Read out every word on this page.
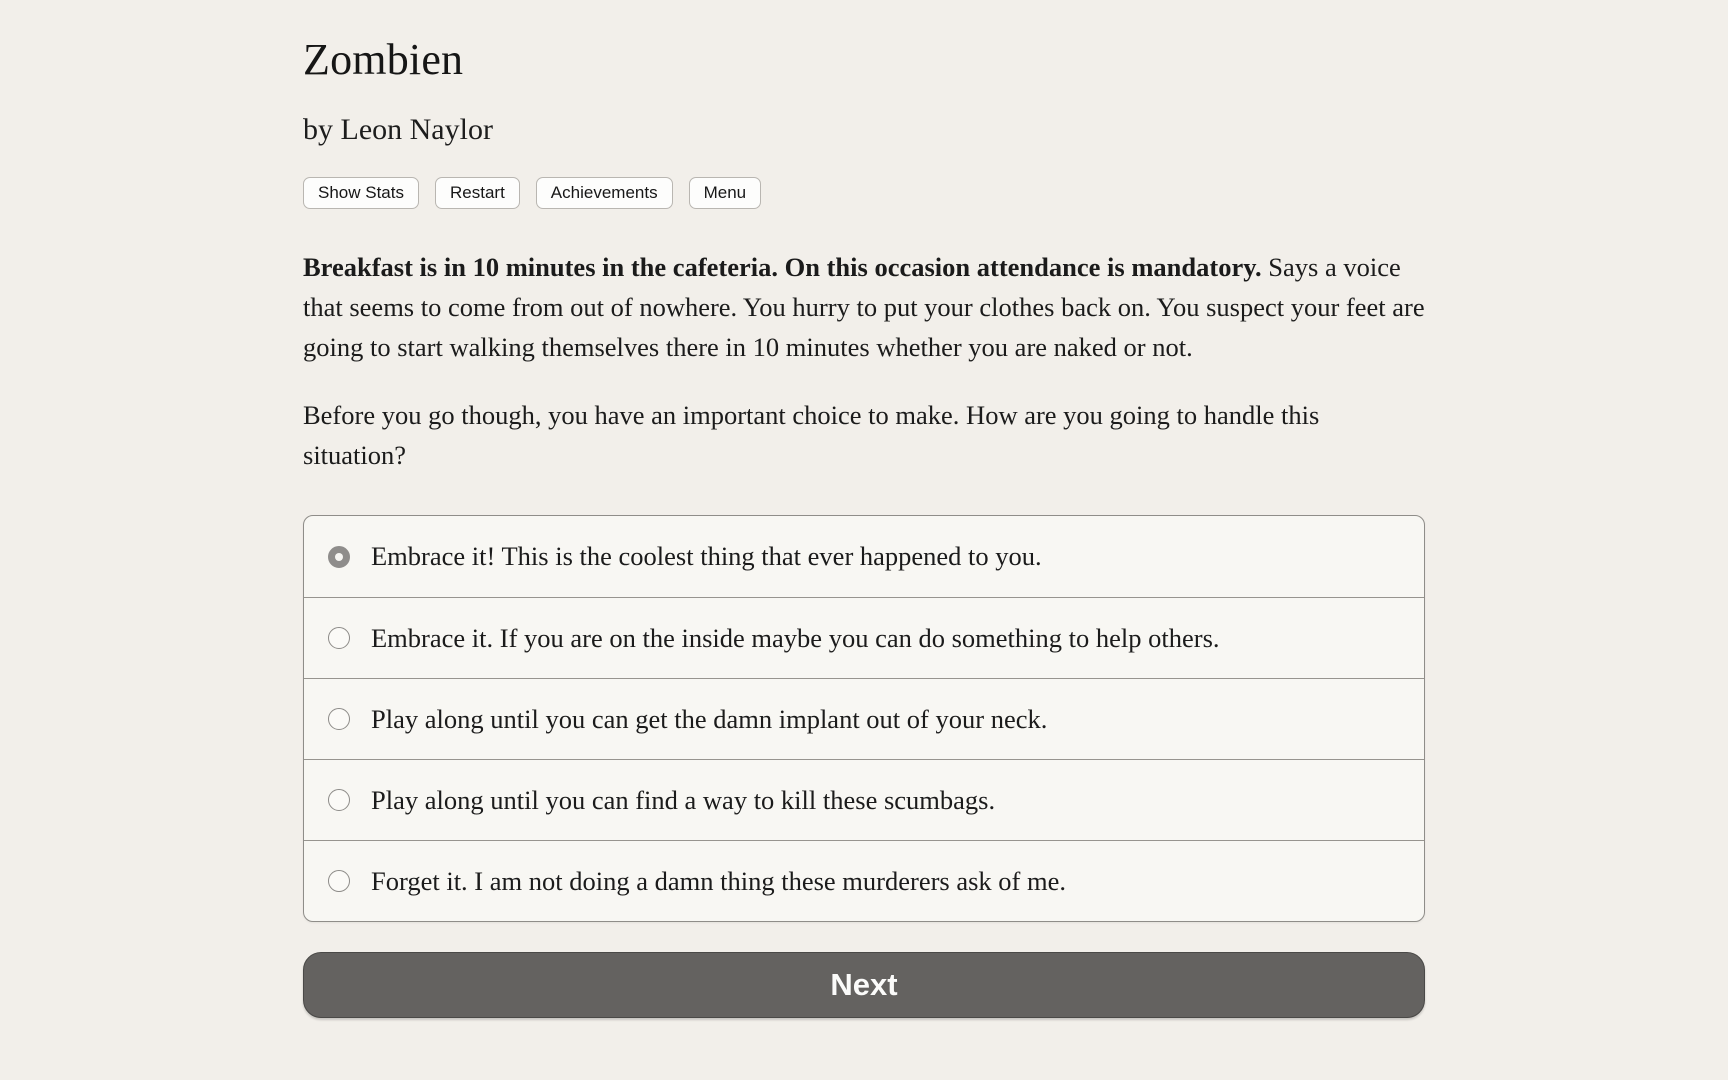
Zombien
by Leon Naylor
Show Stats	Restart	Achievements	Menu

Breakfast is in 10 minutes in the cafeteria. On this occasion attendance is mandatory. Says a voice that seems to come from out of nowhere. You hurry to put your clothes back on. You suspect your feet are going to start walking themselves there in 10 minutes whether you are naked or not.

Before you go though, you have an important choice to make. How are you going to handle this situation?

Embrace it! This is the coolest thing that ever happened to you.
Embrace it. If you are on the inside maybe you can do something to help others.
Play along until you can get the damn implant out of your neck.
Play along until you can find a way to kill these scumbags.
Forget it. I am not doing a damn thing these murderers ask of me.
Next
